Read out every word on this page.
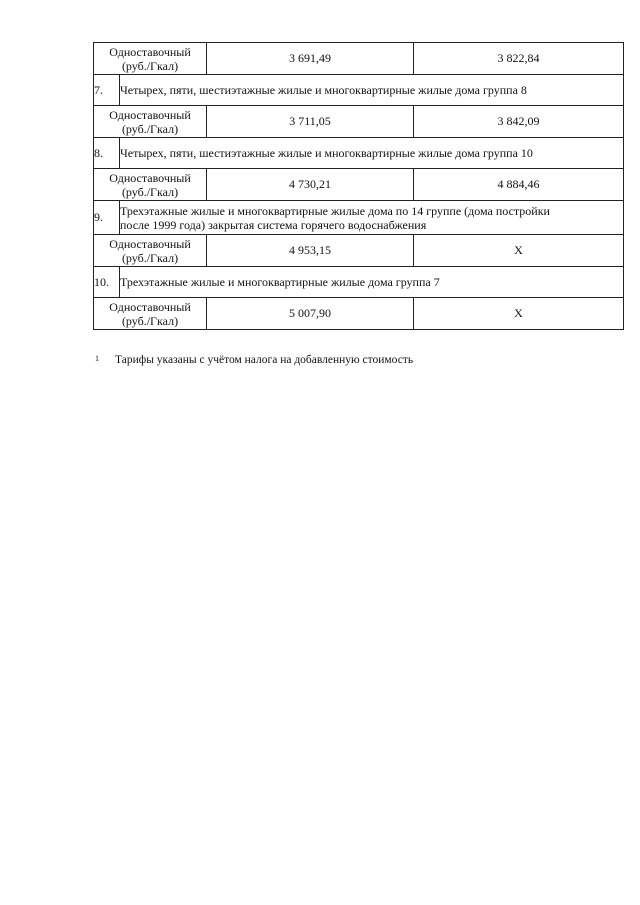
Одноставочный
(руб./Гкал)		3 691,49	3 822,84
7.	Четырех, пяти, шестиэтажные жилые и многоквартирные жилые дома группа 8		
Одноставочный
(руб./Гкал)		3 711,05	3 842,09
8.	Четырех, пяти, шестиэтажные жилые и многоквартирные жилые дома группа 10		
Одноставочный
(руб./Гкал)		4 730,21	4 884,46
9.	Трехэтажные жилые и многоквартирные жилые дома по 14 группе (дома постройки
после 1999 года) закрытая система горячего водоснабжения		
Одноставочный
(руб./Гкал)		4 953,15	X
10.	Трехэтажные жилые и многоквартирные жилые дома группа 7		
Одноставочный
(руб./Гкал)		5 007,90	X
1 Тарифы указаны с учётом налога на добавленную стоимость
